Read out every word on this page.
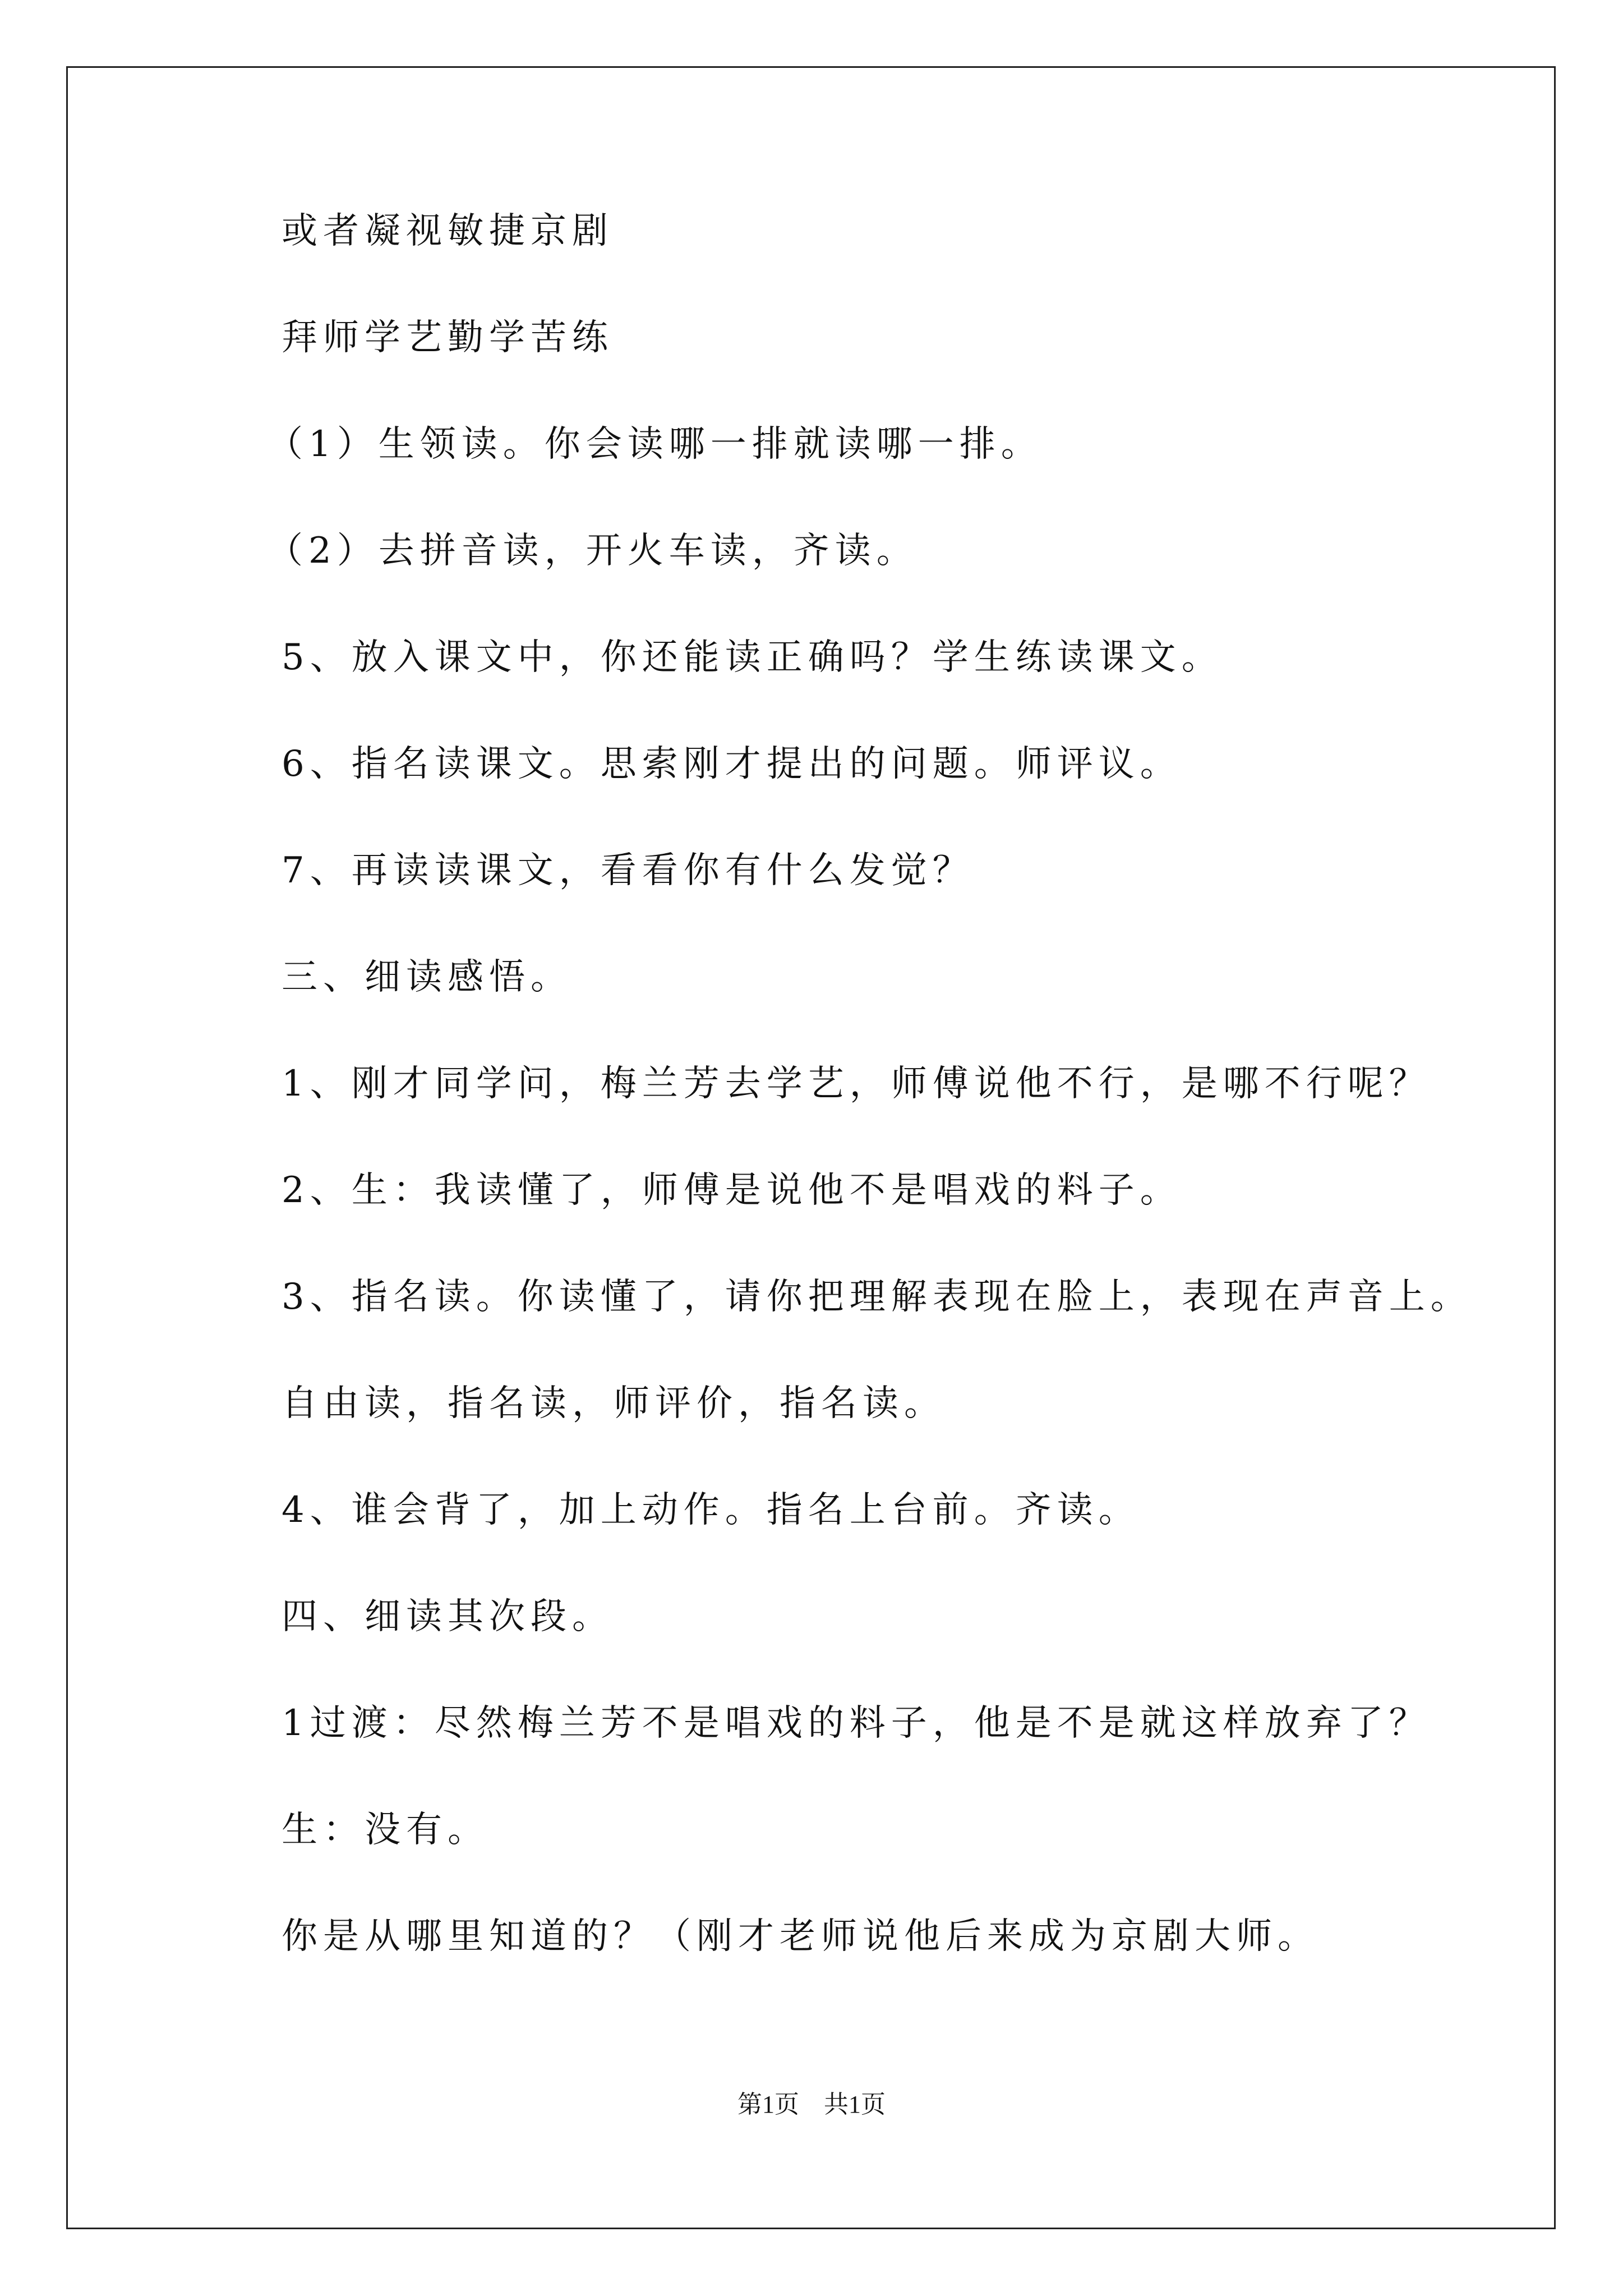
或者凝视敏捷京剧
拜师学艺勤学苦练
（1）生领读。你会读哪一排就读哪一排。
（2）去拼音读，开火车读，齐读。
5、放入课文中，你还能读正确吗？学生练读课文。
6、指名读课文。思索刚才提出的问题。师评议。
7、再读读课文，看看你有什么发觉？
三、细读感悟。
1、刚才同学问，梅兰芳去学艺，师傅说他不行，是哪不行呢？
2、生：我读懂了，师傅是说他不是唱戏的料子。
3、指名读。你读懂了，请你把理解表现在脸上，表现在声音上。
自由读，指名读，师评价，指名读。
4、谁会背了，加上动作。指名上台前。齐读。
四、细读其次段。
1过渡：尽然梅兰芳不是唱戏的料子，他是不是就这样放弃了？
生：没有。
你是从哪里知道的？（刚才老师说他后来成为京剧大师。
第1页　共1页
